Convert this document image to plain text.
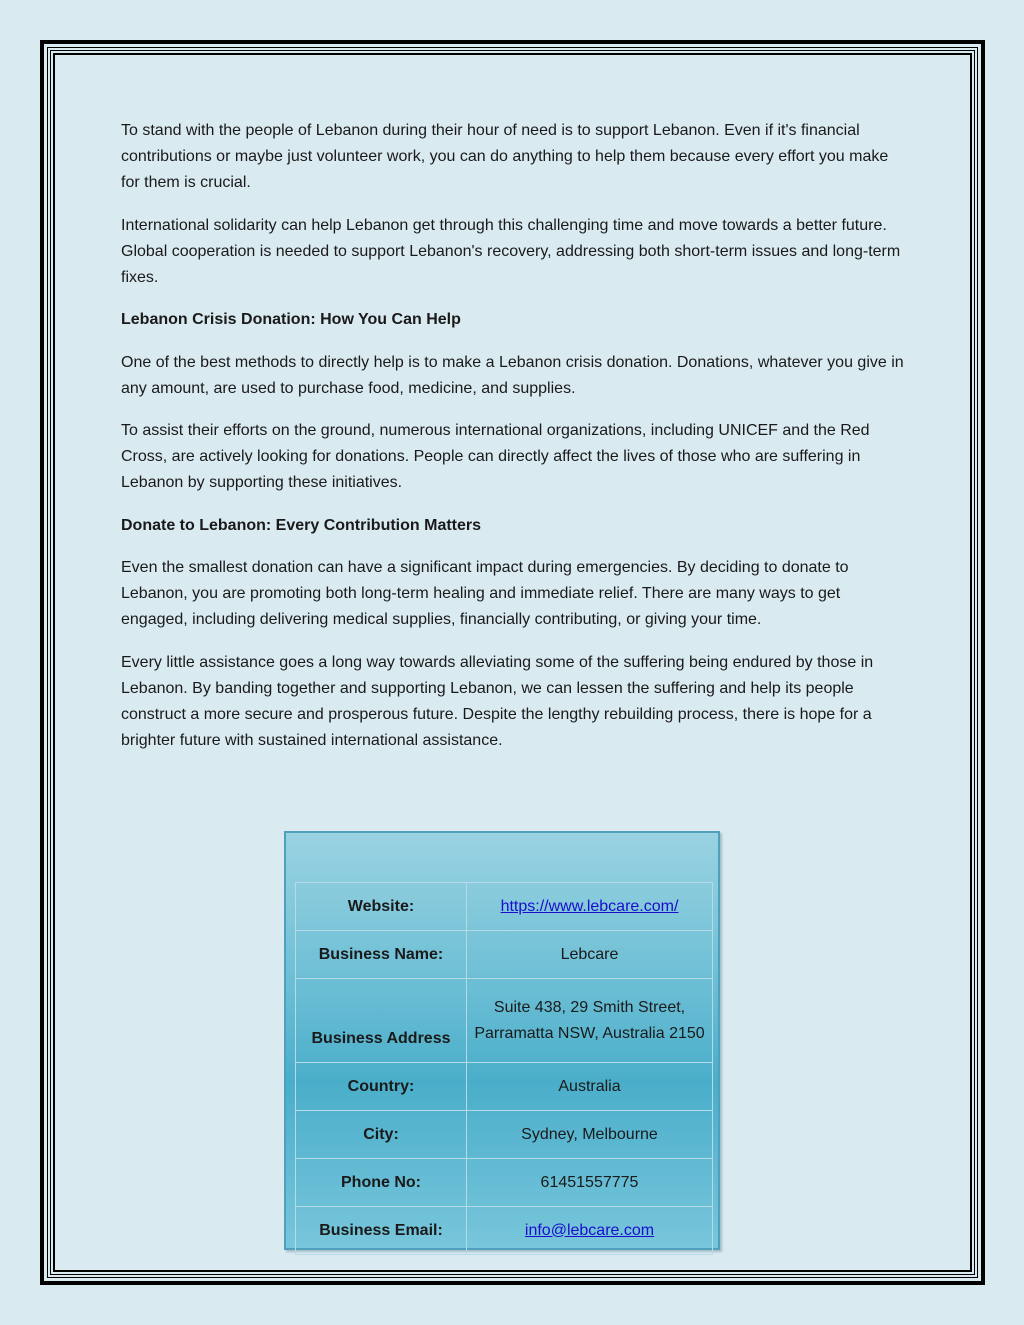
To stand with the people of Lebanon during their hour of need is to support Lebanon. Even if it's financial contributions or maybe just volunteer work, you can do anything to help them because every effort you make for them is crucial.

International solidarity can help Lebanon get through this challenging time and move towards a better future. Global cooperation is needed to support Lebanon's recovery, addressing both short-term issues and long-term fixes.

Lebanon Crisis Donation: How You Can Help

One of the best methods to directly help is to make a Lebanon crisis donation. Donations, whatever you give in any amount, are used to purchase food, medicine, and supplies.

To assist their efforts on the ground, numerous international organizations, including UNICEF and the Red Cross, are actively looking for donations. People can directly affect the lives of those who are suffering in Lebanon by supporting these initiatives.

Donate to Lebanon: Every Contribution Matters

Even the smallest donation can have a significant impact during emergencies. By deciding to donate to Lebanon, you are promoting both long-term healing and immediate relief. There are many ways to get engaged, including delivering medical supplies, financially contributing, or giving your time.

Every little assistance goes a long way towards alleviating some of the suffering being endured by those in Lebanon. By banding together and supporting Lebanon, we can lessen the suffering and help its people construct a more secure and prosperous future. Despite the lengthy rebuilding process, there is hope for a brighter future with sustained international assistance.

Website:	https://www.lebcare.com/
Business Name:	Lebcare
Business Address	Suite 438, 29 Smith Street,
Parramatta NSW, Australia 2150

Country:	Australia
City:	Sydney, Melbourne
Phone No:	61451557775
Business Email:	info@lebcare.com
